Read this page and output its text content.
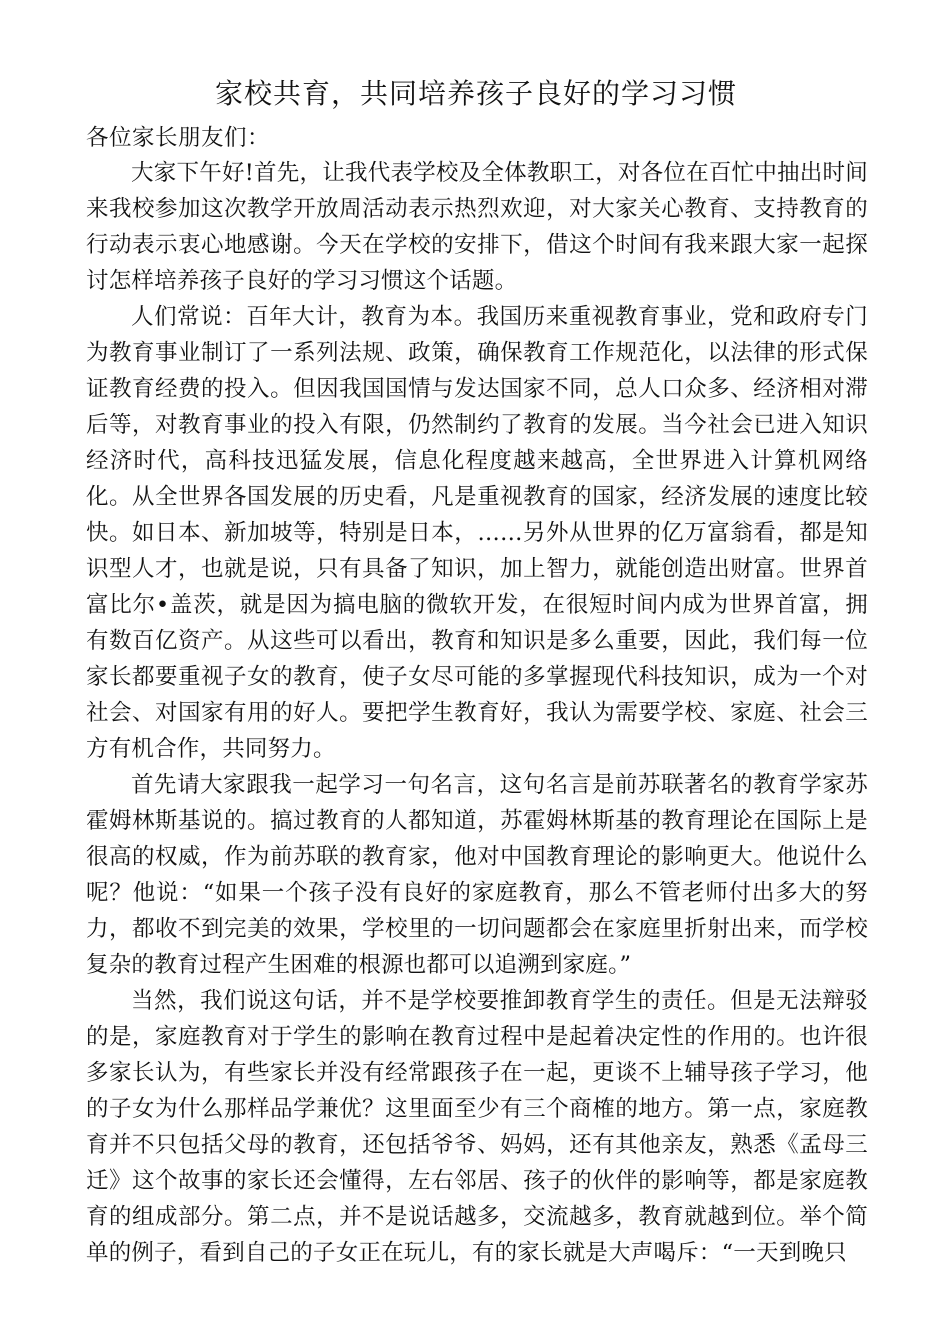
家校共育，共同培养孩子良好的学习习惯
各位家长朋友们：

大家下午好!首先，让我代表学校及全体教职工，对各位在百忙中抽出时间来我校参加这次教学开放周活动表示热烈欢迎，对大家关心教育、支持教育的行动表示衷心地感谢。今天在学校的安排下，借这个时间有我来跟大家一起探讨怎样培养孩子良好的学习习惯这个话题。

人们常说：百年大计，教育为本。我国历来重视教育事业，党和政府专门为教育事业制订了一系列法规、政策，确保教育工作规范化，以法律的形式保证教育经费的投入。但因我国国情与发达国家不同，总人口众多、经济相对滞后等，对教育事业的投入有限，仍然制约了教育的发展。当今社会已进入知识经济时代，高科技迅猛发展，信息化程度越来越高，全世界进入计算机网络化。从全世界各国发展的历史看，凡是重视教育的国家，经济发展的速度比较快。如日本、新加坡等，特别是日本，……另外从世界的亿万富翁看，都是知识型人才，也就是说，只有具备了知识，加上智力，就能创造出财富。世界首富比尔•盖茨，就是因为搞电脑的微软开发，在很短时间内成为世界首富，拥有数百亿资产。从这些可以看出，教育和知识是多么重要，因此，我们每一位家长都要重视子女的教育，使子女尽可能的多掌握现代科技知识，成为一个对社会、对国家有用的好人。要把学生教育好，我认为需要学校、家庭、社会三方有机合作，共同努力。

首先请大家跟我一起学习一句名言，这句名言是前苏联著名的教育学家苏霍姆林斯基说的。搞过教育的人都知道，苏霍姆林斯基的教育理论在国际上是很高的权威，作为前苏联的教育家，他对中国教育理论的影响更大。他说什么呢？他说：“如果一个孩子没有良好的家庭教育，那么不管老师付出多大的努力，都收不到完美的效果，学校里的一切问题都会在家庭里折射出来，而学校复杂的教育过程产生困难的根源也都可以追溯到家庭。”

当然，我们说这句话，并不是学校要推卸教育学生的责任。但是无法辩驳的是，家庭教育对于学生的影响在教育过程中是起着决定性的作用的。也许很多家长认为，有些家长并没有经常跟孩子在一起，更谈不上辅导孩子学习，他的子女为什么那样品学兼优？这里面至少有三个商榷的地方。第一点，家庭教育并不只包括父母的教育，还包括爷爷、妈妈，还有其他亲友，熟悉《孟母三迁》这个故事的家长还会懂得，左右邻居、孩子的伙伴的影响等，都是家庭教育的组成部分。第二点，并不是说话越多，交流越多，教育就越到位。举个简单的例子，看到自己的子女正在玩儿，有的家长就是大声喝斥：“一天到晚只
